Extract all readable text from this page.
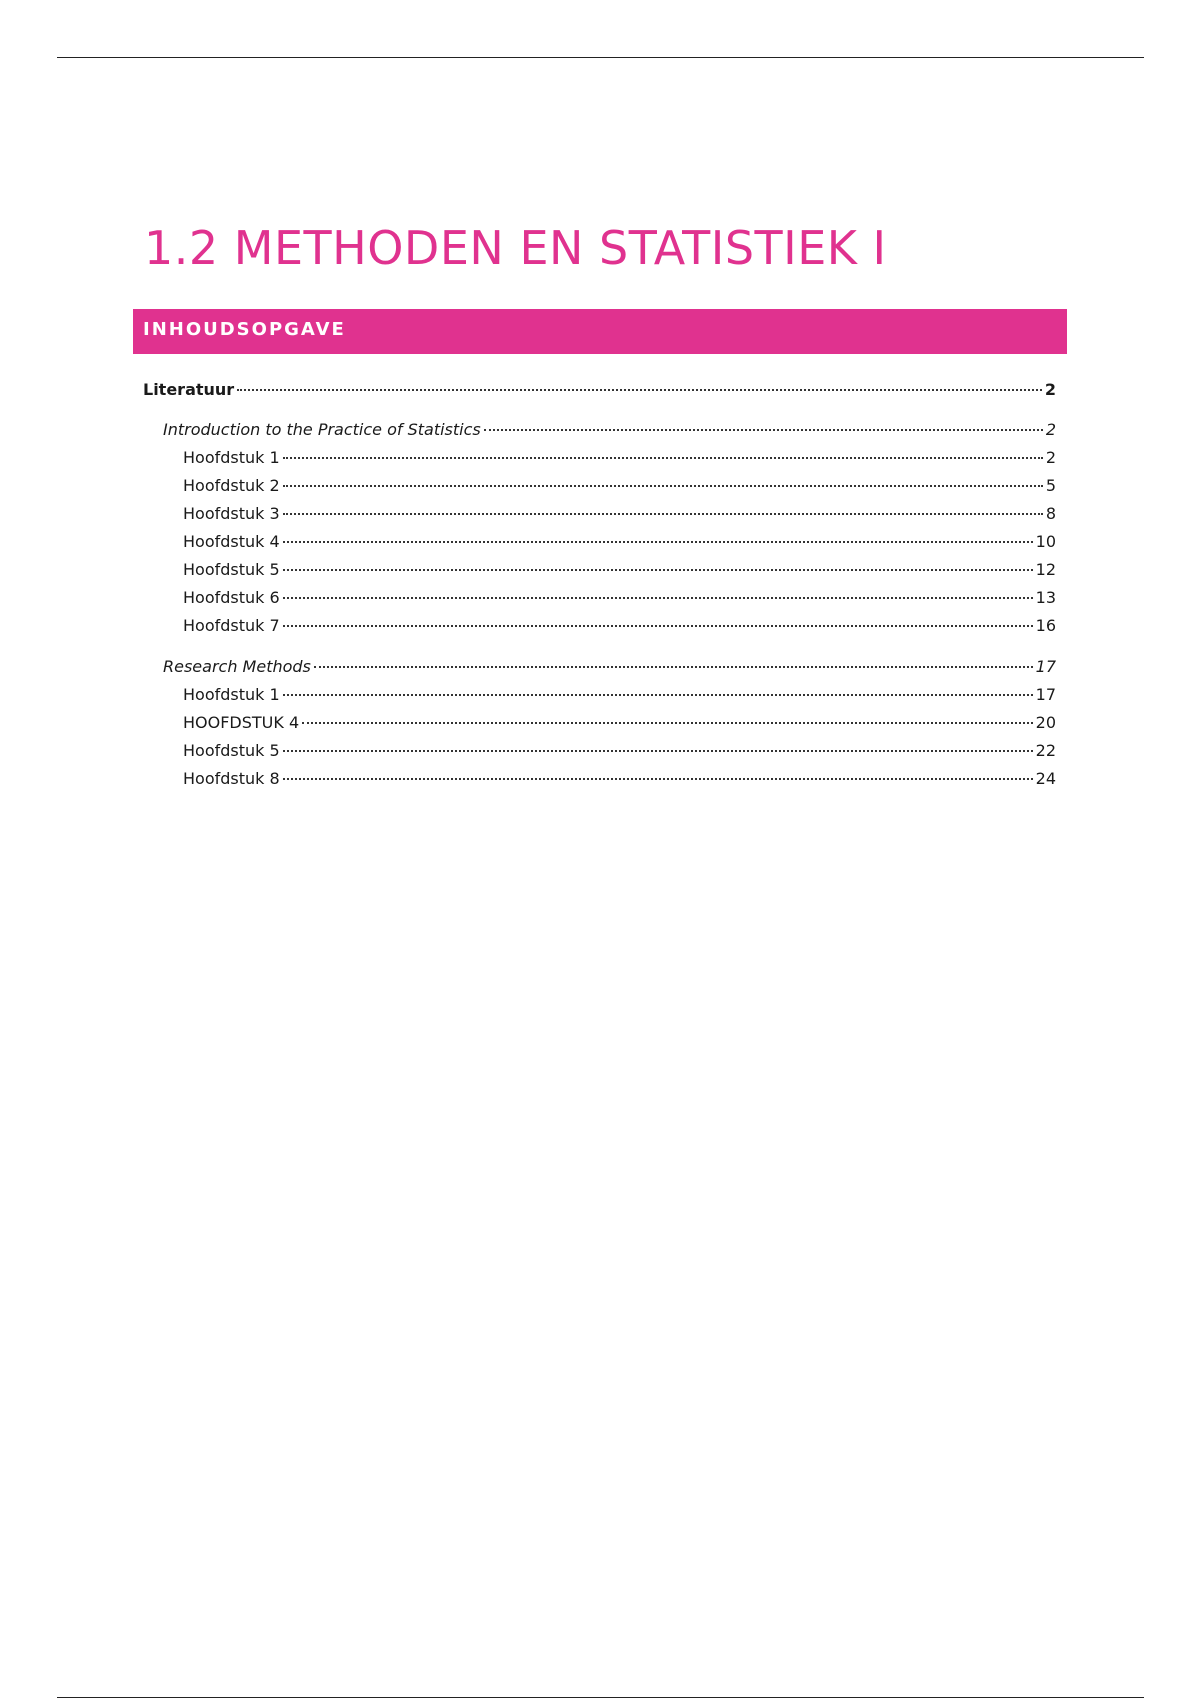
1.2 METHODEN EN STATISTIEK I
INHOUDSOPGAVE
Literatuur	2
Introduction to the Practice of Statistics	2
Hoofdstuk 1	2
Hoofdstuk 2	5
Hoofdstuk 3	8
Hoofdstuk 4	10
Hoofdstuk 5	12
Hoofdstuk 6	13
Hoofdstuk 7	16
Research Methods	17
Hoofdstuk 1	17
HOOFDSTUK 4	20
Hoofdstuk 5	22
Hoofdstuk 8	24
